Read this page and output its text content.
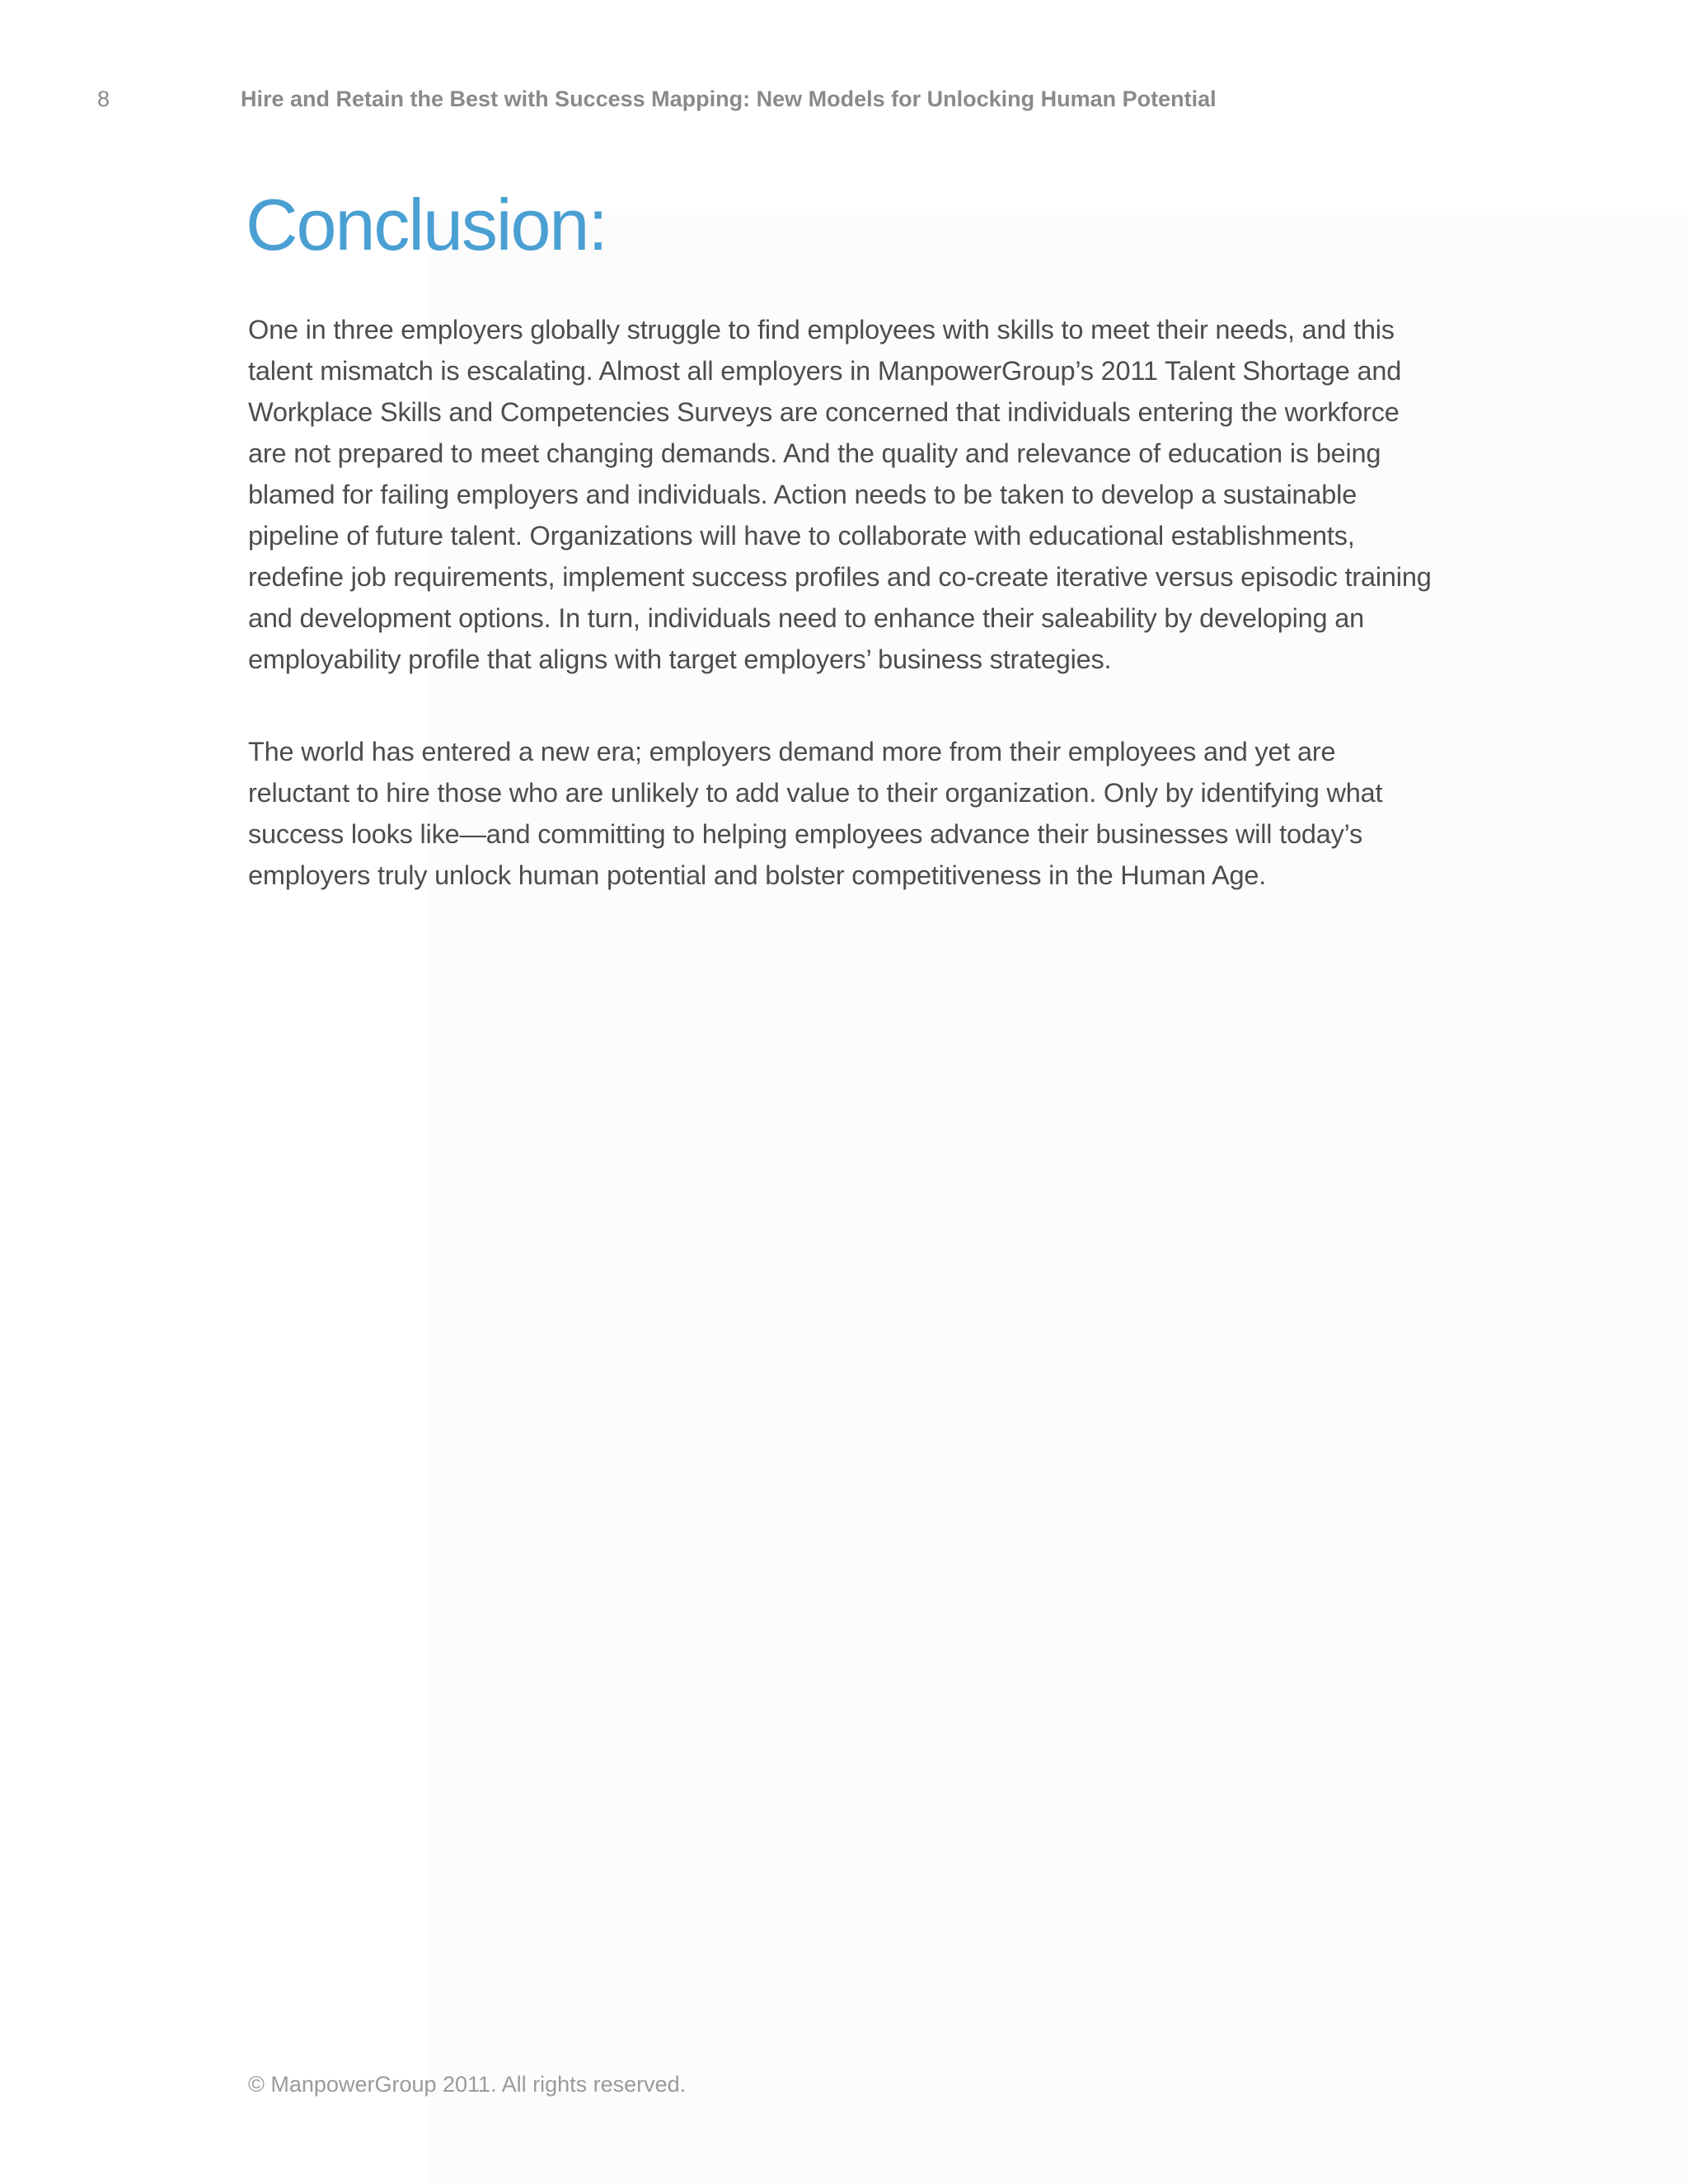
8	Hire and Retain the Best with Success Mapping: New Models for Unlocking Human Potential
Conclusion:

One in three employers globally struggle to find employees with skills to meet their needs, and this talent mismatch is escalating. Almost all employers in ManpowerGroup’s 2011 Talent Shortage and Workplace Skills and Competencies Surveys are concerned that individuals entering the workforce are not prepared to meet changing demands. And the quality and relevance of education is being blamed for failing employers and individuals. Action needs to be taken to develop a sustainable pipeline of future talent. Organizations will have to collaborate with educational establishments, redefine job requirements, implement success profiles and co-create iterative versus episodic training and development options. In turn, individuals need to enhance their saleability by developing an employability profile that aligns with target employers’ business strategies.

The world has entered a new era; employers demand more from their employees and yet are reluctant to hire those who are unlikely to add value to their organization. Only by identifying what success looks like—and committing to helping employees advance their businesses will today’s employers truly unlock human potential and bolster competitiveness in the Human Age.

© ManpowerGroup 2011. All rights reserved.
